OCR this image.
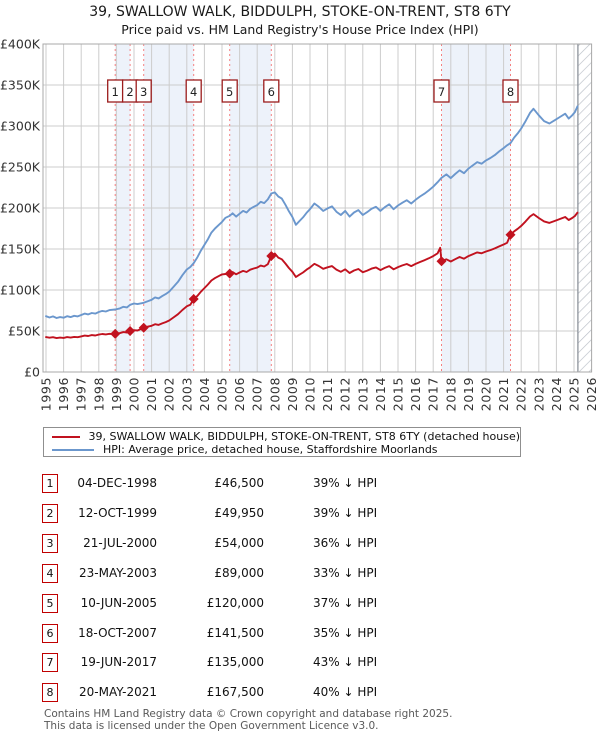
39, SWALLOW WALK, BIDDULPH, STOKE-ON-TRENT, ST8 6TY
Price paid vs. HM Land Registry's House Price Index (HPI)
1 2 3	4 5	6	7	8
£0
£50K
£100K
£150K
£200K
£250K
£300K
£350K
£400K
1995 1996 1997 1998 1999 2000 2001 2002 2003 2004 2005 2006 2007 2008 2009 2010 2011 2012 2013 2014 2015 2016 2017 2018 2019 2020 2021 2022 2023 2024 2025 2026
39, SWALLOW WALK, BIDDULPH, STOKE-ON-TRENT, ST8 6TY (detached house)
HPI: Average price, detached house, Staffordshire Moorlands
1	04-DEC-1998	£46,500	39% ↓ HPI
2	12-OCT-1999	£49,950	39% ↓ HPI
3	21-JUL-2000	£54,000	36% ↓ HPI
4	23-MAY-2003	£89,000	33% ↓ HPI
5	10-JUN-2005	£120,000	37% ↓ HPI
6	18-OCT-2007	£141,500	35% ↓ HPI
7	19-JUN-2017	£135,000	43% ↓ HPI
8	20-MAY-2021	£167,500	40% ↓ HPI
Contains HM Land Registry data © Crown copyright and database right 2025.
This data is licensed under the Open Government Licence v3.0.
